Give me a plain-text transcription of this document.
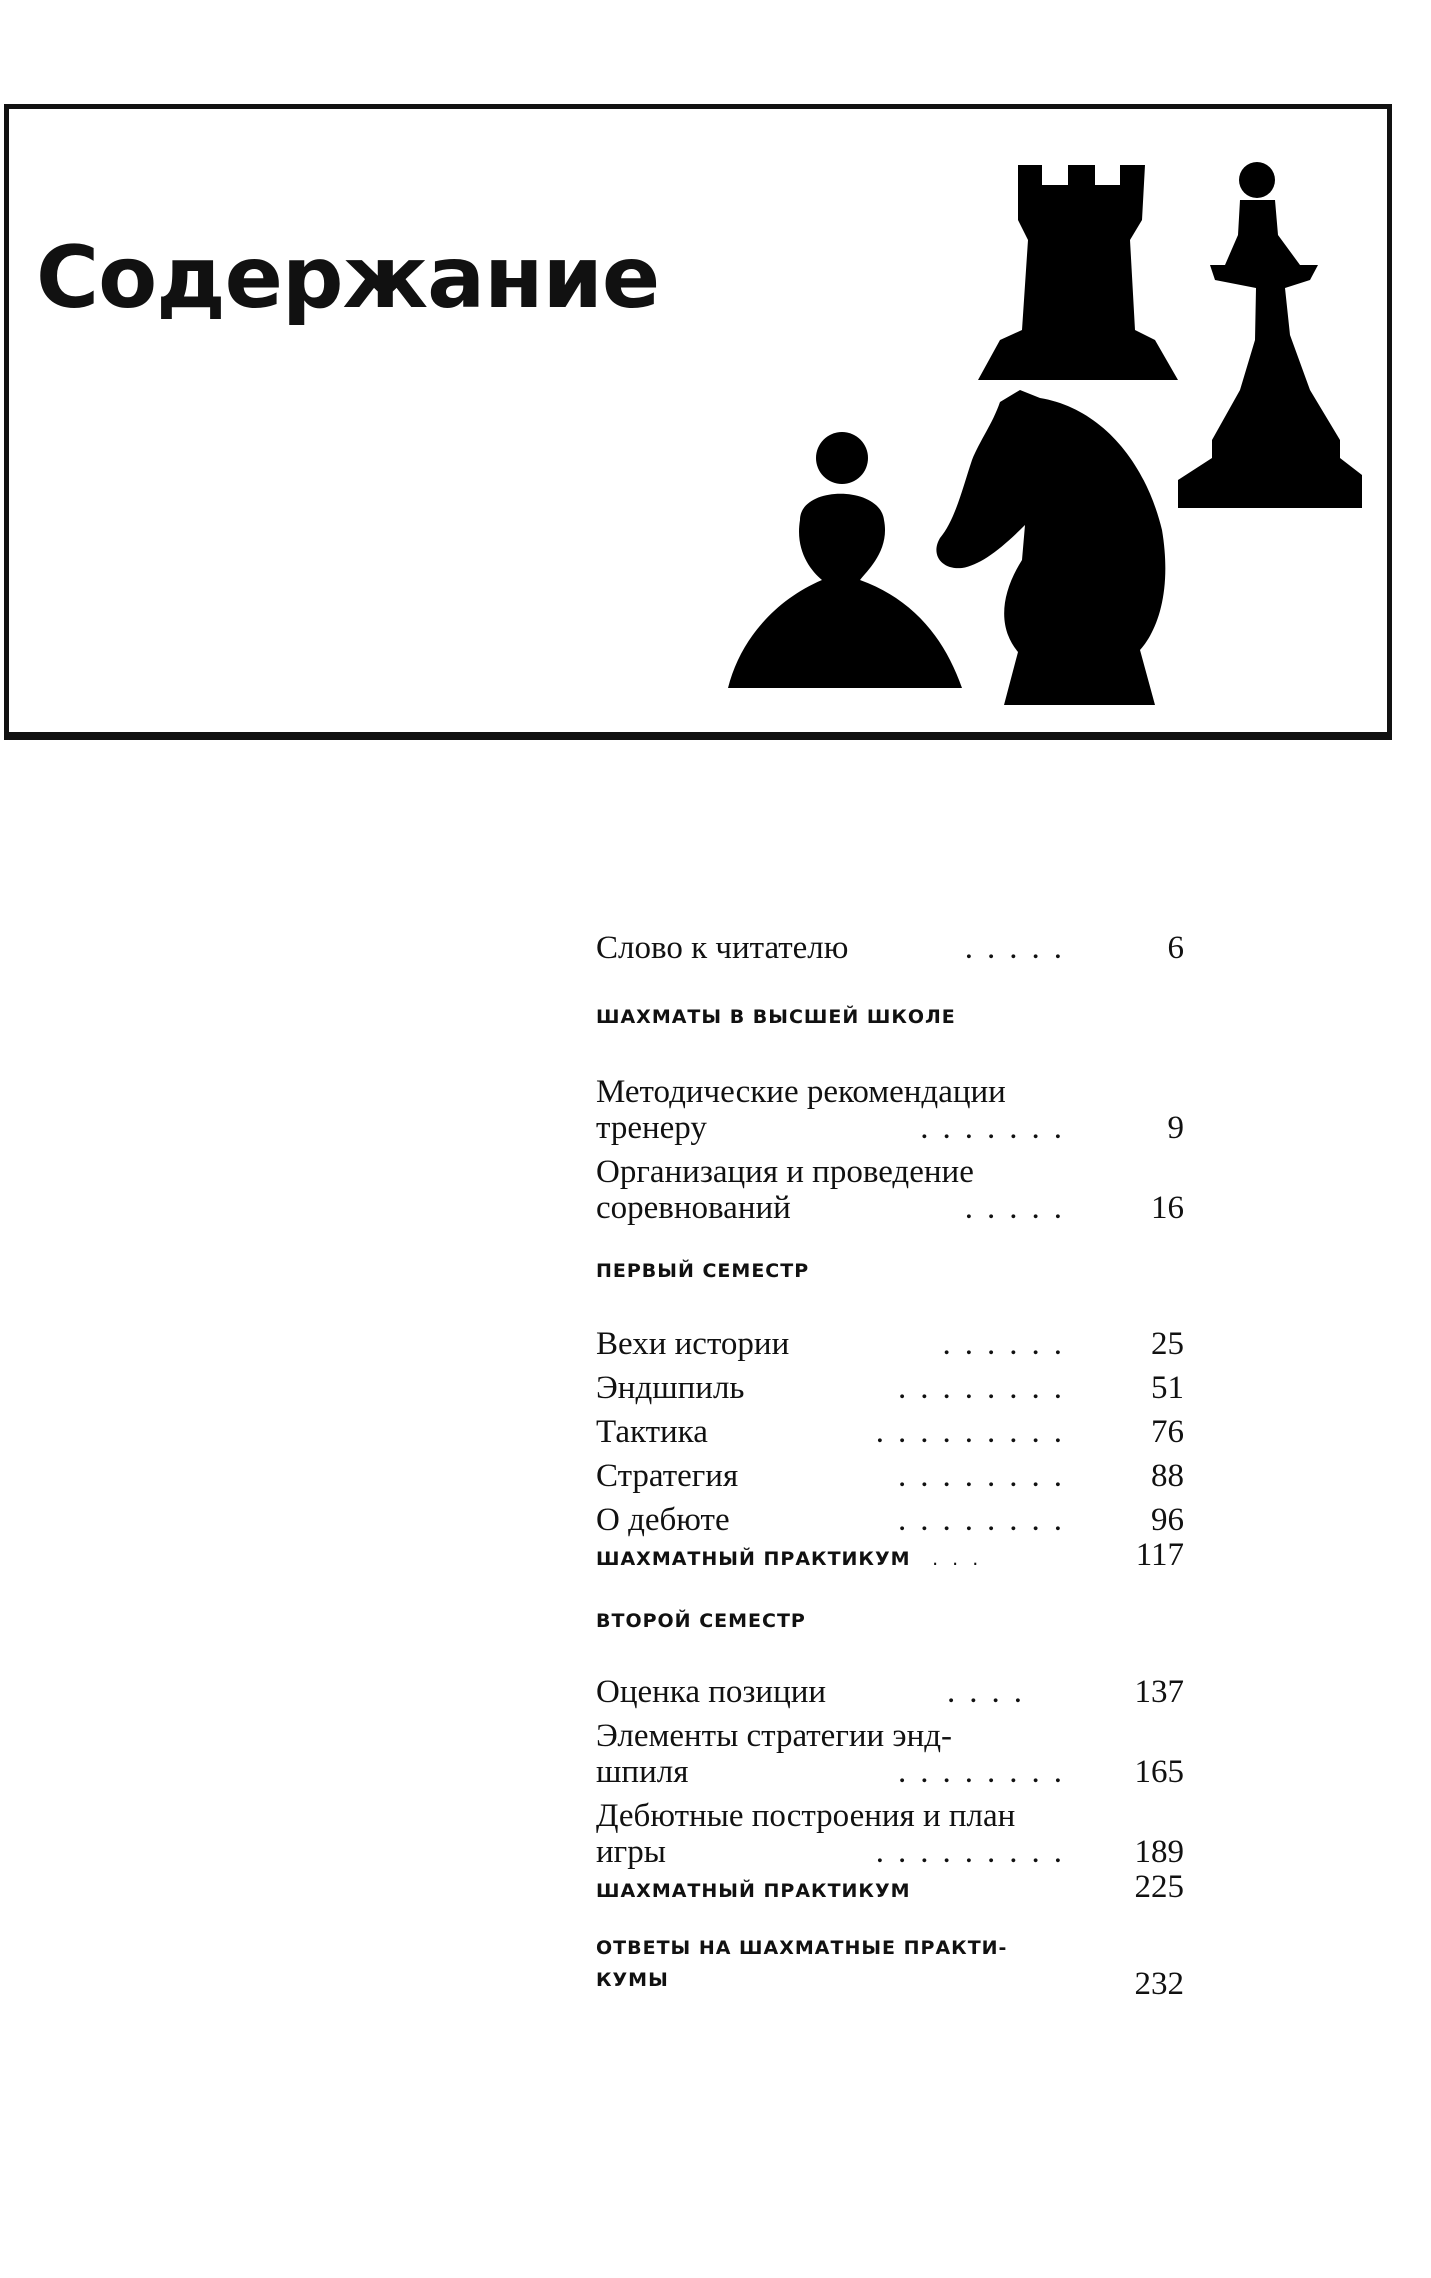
Содержание
Слово к читателю	.....	6
ШАХМАТЫ В ВЫСШЕЙ ШКОЛЕ
Методические рекомендации
тренеру	.......	9
Организация и проведение
соревнований	..... 16
ПЕРВЫЙ СЕМЕСТР
Вехи истории	...... 25
Эндшпиль	........ 51
Тактика	......... 76
Стратегия	........ 88
О дебюте	........ 96
ШАХМАТНЫЙ ПРАКТИКУМ ...	117
ВТОРОЙ СЕМЕСТР
Оценка позиции	....	137
Элементы стратегии энд-
шпиля	........ 165
Дебютные построения и план
игры	......... 189
ШАХМАТНЫЙ ПРАКТИКУМ	225
ОТВЕТЫ НА ШАХМАТНЫЕ ПРАКТИ-
КУМЫ	232
